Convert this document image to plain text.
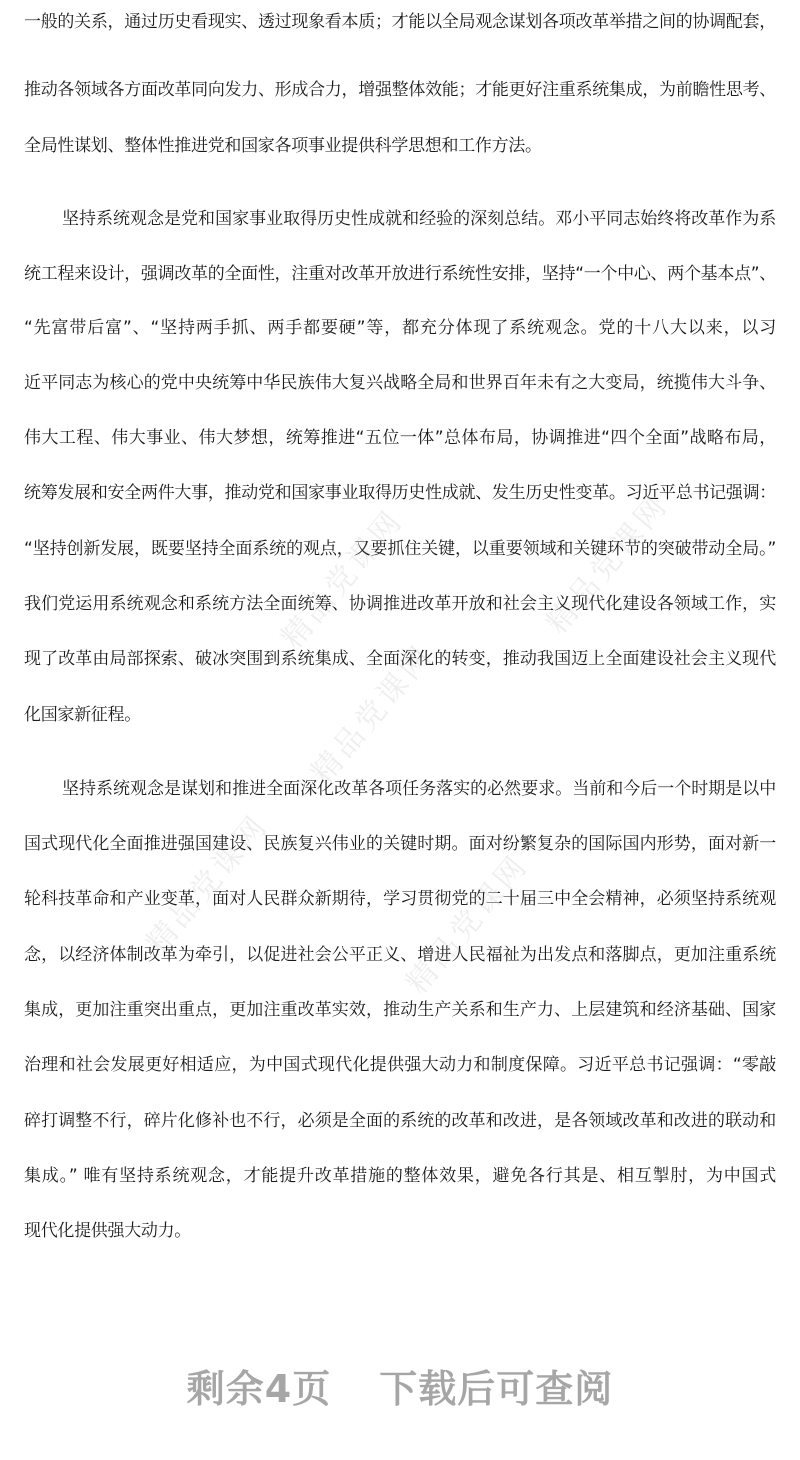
一般的关系，通过历史看现实、透过现象看本质；才能以全局观念谋划各项改革举措之间的协调配套，
推动各领域各方面改革同向发力、形成合力，增强整体效能；才能更好注重系统集成，为前瞻性思考、
全局性谋划、整体性推进党和国家各项事业提供科学思想和工作方法。
坚持系统观念是党和国家事业取得历史性成就和经验的深刻总结。邓小平同志始终将改革作为系
统工程来设计，强调改革的全面性，注重对改革开放进行系统性安排，坚持“一个中心、两个基本点”、
“先富带后富”、“坚持两手抓、两手都要硬”等，都充分体现了系统观念。党的十八大以来，以习
近平同志为核心的党中央统筹中华民族伟大复兴战略全局和世界百年未有之大变局，统揽伟大斗争、
伟大工程、伟大事业、伟大梦想，统筹推进“五位一体”总体布局，协调推进“四个全面”战略布局，
统筹发展和安全两件大事，推动党和国家事业取得历史性成就、发生历史性变革。习近平总书记强调：
“坚持创新发展，既要坚持全面系统的观点，又要抓住关键，以重要领域和关键环节的突破带动全局。”
我们党运用系统观念和系统方法全面统筹、协调推进改革开放和社会主义现代化建设各领域工作，实
现了改革由局部探索、破冰突围到系统集成、全面深化的转变，推动我国迈上全面建设社会主义现代
化国家新征程。
坚持系统观念是谋划和推进全面深化改革各项任务落实的必然要求。当前和今后一个时期是以中
国式现代化全面推进强国建设、民族复兴伟业的关键时期。面对纷繁复杂的国际国内形势，面对新一
轮科技革命和产业变革，面对人民群众新期待，学习贯彻党的二十届三中全会精神，必须坚持系统观
念，以经济体制改革为牵引，以促进社会公平正义、增进人民福祉为出发点和落脚点，更加注重系统
集成，更加注重突出重点，更加注重改革实效，推动生产关系和生产力、上层建筑和经济基础、国家
治理和社会发展更好相适应，为中国式现代化提供强大动力和制度保障。习近平总书记强调：“零敲
碎打调整不行，碎片化修补也不行，必须是全面的系统的改革和改进，是各领域改革和改进的联动和
集成。” 唯有坚持系统观念，才能提升改革措施的整体效果，避免各行其是、相互掣肘，为中国式
现代化提供强大动力。
精品党课网	精品党课网
精品党课网
精品党课网	精品党课网
剩余4页 下载后可查阅
